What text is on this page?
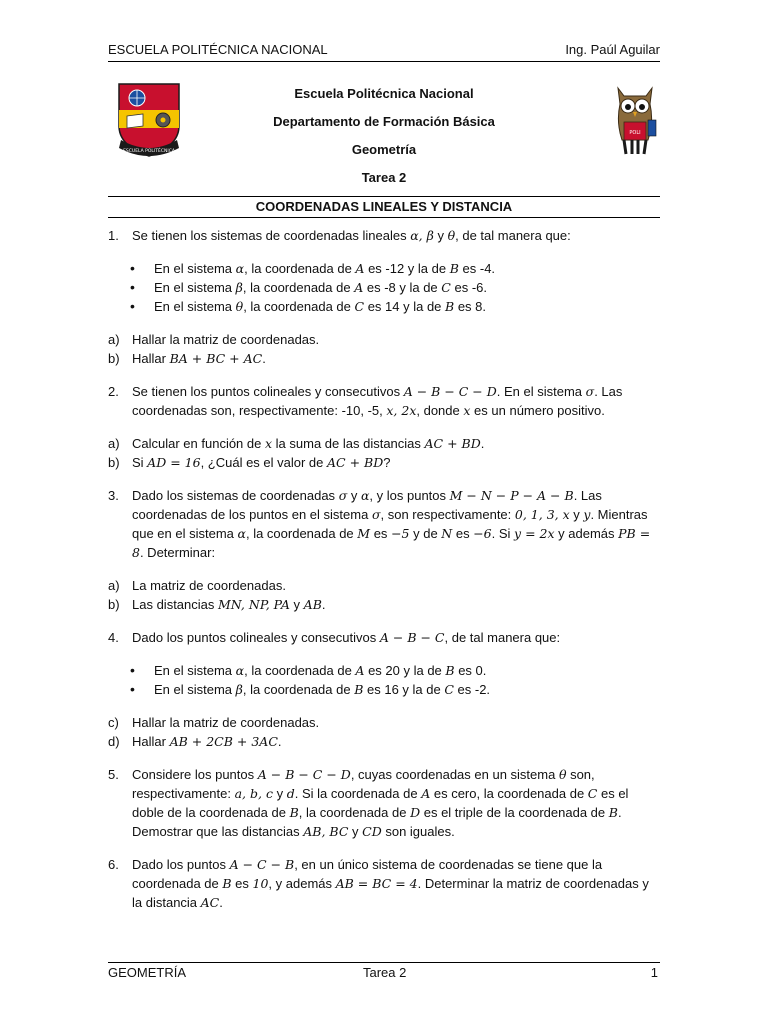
ESCUELA POLITÉCNICA NACIONAL	Ing. Paúl Aguilar
ESCUELA POLITÉCNICA
POLI
Escuela Politécnica Nacional
Departamento de Formación Básica
Geometría
Tarea 2
COORDENADAS LINEALES Y DISTANCIA
1.	Se tienen los sistemas de coordenadas lineales α, β y θ, de tal manera que:
•	En el sistema α, la coordenada de A es -12 y la de B es -4.
•	En el sistema β, la coordenada de A es -8 y la de C es -6.
•	En el sistema θ, la coordenada de C es 14 y la de B es 8.
a) Hallar la matriz de coordenadas.
b) Hallar BA + BC + AC.
2.	Se tienen los puntos colineales y consecutivos A − B − C − D. En el sistema σ. Las coordenadas son, respectivamente: -10, -5, x, 2x, donde x es un número positivo.
a) Calcular en función de x la suma de las distancias AC + BD.
b) Si AD = 16, ¿Cuál es el valor de AC + BD?
3.	Dado los sistemas de coordenadas σ y α, y los puntos M − N − P − A − B. Las coordenadas de los puntos en el sistema σ, son respectivamente: 0, 1, 3, x y y. Mientras que en el sistema α, la coordenada de M es −5 y de N es −6. Si y = 2x y además PB = 8. Determinar:
a) La matriz de coordenadas.
b) Las distancias MN, NP, PA y AB.
4.	Dado los puntos colineales y consecutivos A − B − C, de tal manera que:
•	En el sistema α, la coordenada de A es 20 y la de B es 0.
•	En el sistema β, la coordenada de B es 16 y la de C es -2.
c)	Hallar la matriz de coordenadas.
d) Hallar AB + 2CB + 3AC.
5.	Considere los puntos A − B − C − D, cuyas coordenadas en un sistema θ son, respectivamente: a, b, c y d. Si la coordenada de A es cero, la coordenada de C es el doble de la coordenada de B, la coordenada de D es el triple de la coordenada de B. Demostrar que las distancias AB, BC y CD son iguales.
6.	Dado los puntos A − C − B, en un único sistema de coordenadas se tiene que la coordenada de B es 10, y además AB = BC = 4. Determinar la matriz de coordenadas y la distancia AC.
GEOMETRÍA	Tarea 2	1
